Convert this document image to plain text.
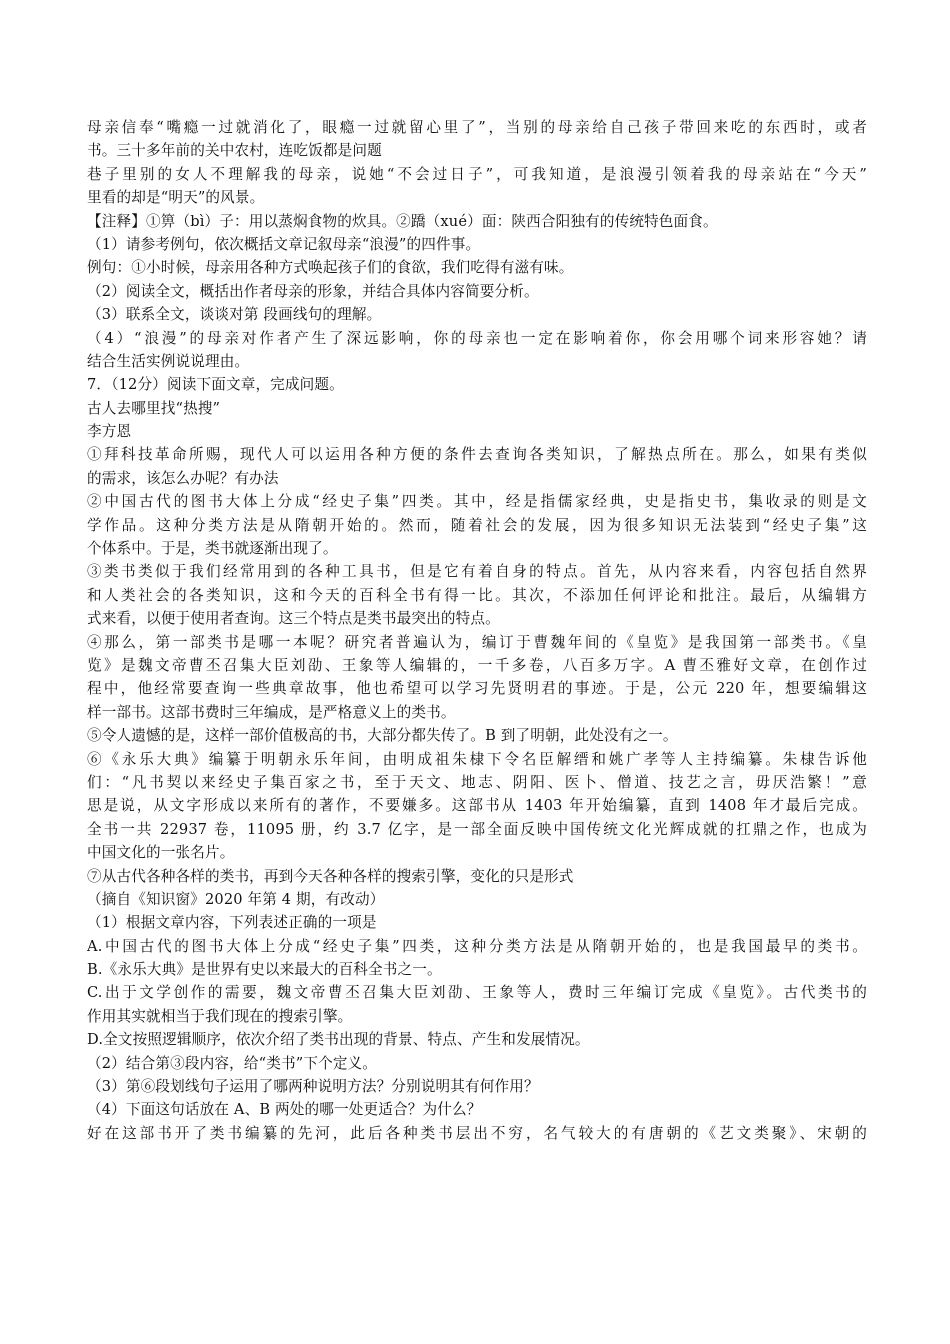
母亲信奉“嘴瘾一过就消化了，眼瘾一过就留心里了”，当别的母亲给自己孩子带回来吃的东西时，或者
书。三十多年前的关中农村，连吃饭都是问题
巷子里别的女人不理解我的母亲，说她“不会过日子”，可我知道，是浪漫引领着我的母亲站在“今天”
里看的却是“明天”的风景。
【注释】①箅（bì）子：用以蒸焖食物的炊具。②蹻（xué）面：陕西合阳独有的传统特色面食。
（1）请参考例句，依次概括文章记叙母亲“浪漫”的四件事。
例句：①小时候，母亲用各种方式唤起孩子们的食欲，我们吃得有滋有味。
（2）阅读全文，概括出作者母亲的形象，并结合具体内容简要分析。
（3）联系全文，谈谈对第 段画线句的理解。
（4）“浪漫”的母亲对作者产生了深远影响，你的母亲也一定在影响着你，你会用哪个词来形容她？请
结合生活实例说说理由。
7．（12分）阅读下面文章，完成问题。
古人去哪里找“热搜”
李方恩
①拜科技革命所赐，现代人可以运用各种方便的条件去查询各类知识，了解热点所在。那么，如果有类似
的需求，该怎么办呢？有办法
②中国古代的图书大体上分成“经史子集”四类。其中，经是指儒家经典，史是指史书，集收录的则是文
学作品。这种分类方法是从隋朝开始的。然而，随着社会的发展，因为很多知识无法装到“经史子集”这
个体系中。于是，类书就逐渐出现了。
③类书类似于我们经常用到的各种工具书，但是它有着自身的特点。首先，从内容来看，内容包括自然界
和人类社会的各类知识，这和今天的百科全书有得一比。其次，不添加任何评论和批注。最后，从编辑方
式来看，以便于使用者查询。这三个特点是类书最突出的特点。
④那么，第一部类书是哪一本呢？研究者普遍认为，编订于曹魏年间的《皇览》是我国第一部类书。《皇
览》是魏文帝曹丕召集大臣刘劭、王象等人编辑的，一千多卷，八百多万字。A 曹丕雅好文章，在创作过
程中，他经常要查询一些典章故事，他也希望可以学习先贤明君的事迹。于是，公元 220 年，想要编辑这
样一部书。这部书费时三年编成，是严格意义上的类书。
⑤令人遗憾的是，这样一部价值极高的书，大部分都失传了。B 到了明朝，此处没有之一。
⑥《永乐大典》编纂于明朝永乐年间，由明成祖朱棣下令名臣解缙和姚广孝等人主持编纂。朱棣告诉他
们：“凡书契以来经史子集百家之书，至于天文、地志、阴阳、医卜、僧道、技艺之言，毋厌浩繁！”意
思是说，从文字形成以来所有的著作，不要嫌多。这部书从 1403 年开始编纂，直到 1408 年才最后完成。
全书一共 22937 卷，11095 册，约 3.7 亿字，是一部全面反映中国传统文化光辉成就的扛鼎之作，也成为
中国文化的一张名片。
⑦从古代各种各样的类书，再到今天各种各样的搜索引擎，变化的只是形式
（摘自《知识窗》2020 年第 4 期，有改动）
（1）根据文章内容，下列表述正确的一项是
A.中国古代的图书大体上分成“经史子集”四类，这种分类方法是从隋朝开始的，也是我国最早的类书。
B.《永乐大典》是世界有史以来最大的百科全书之一。
C.出于文学创作的需要，魏文帝曹丕召集大臣刘劭、王象等人，费时三年编订完成《皇览》。古代类书的
作用其实就相当于我们现在的搜索引擎。
D.全文按照逻辑顺序，依次介绍了类书出现的背景、特点、产生和发展情况。
（2）结合第③段内容，给“类书”下个定义。
（3）第⑥段划线句子运用了哪两种说明方法？分别说明其有何作用？
（4）下面这句话放在 A、B 两处的哪一处更适合？为什么？
好在这部书开了类书编纂的先河，此后各种类书层出不穷，名气较大的有唐朝的《艺文类聚》、宋朝的
